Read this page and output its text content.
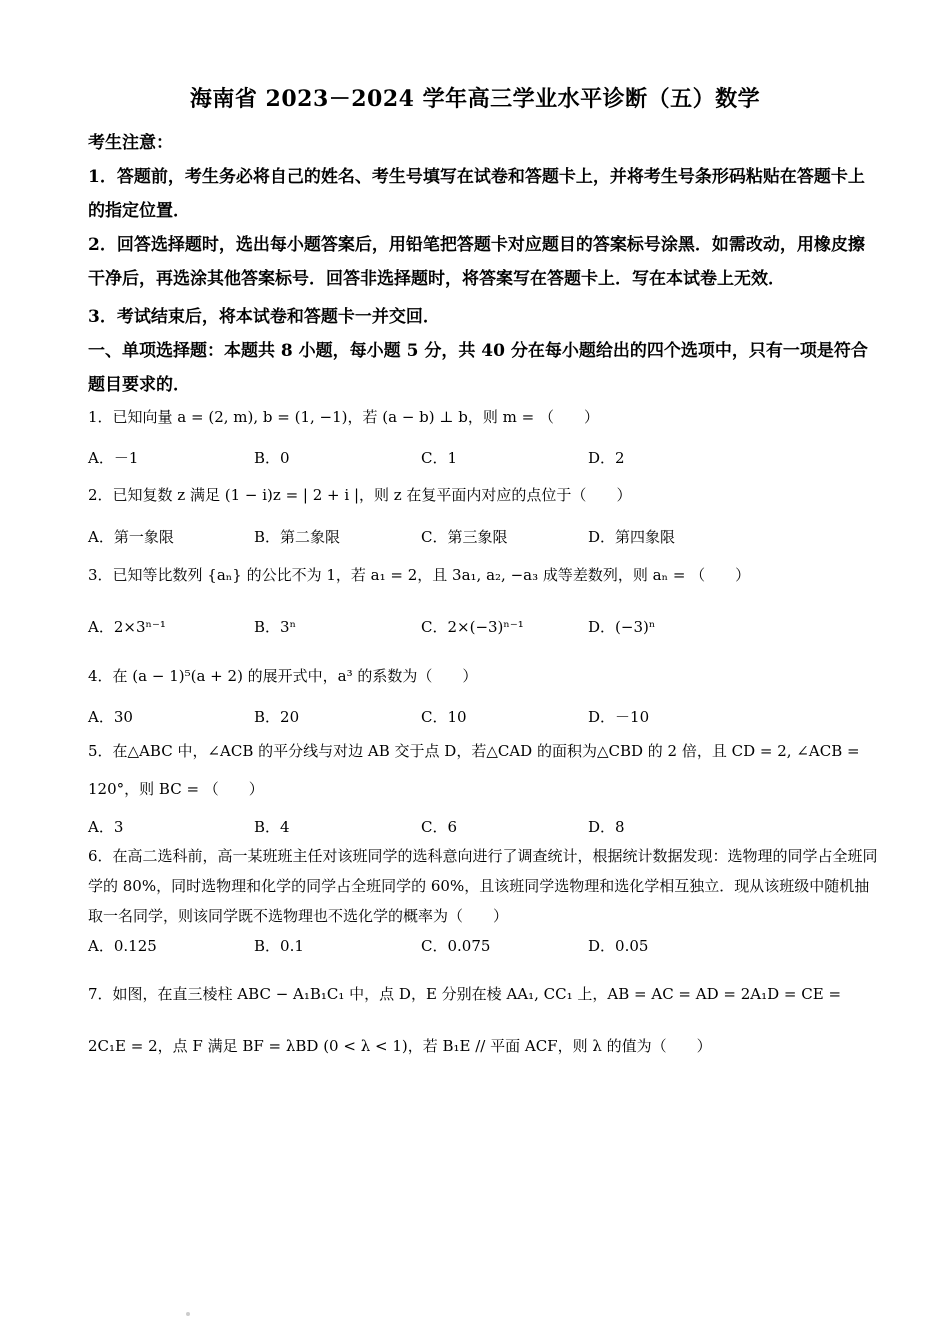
海南省 2023－2024 学年高三学业水平诊断（五）数学
考生注意：
1．答题前，考生务必将自己的姓名、考生号填写在试卷和答题卡上，并将考生号条形码粘贴在答题卡上的指定位置．
2．回答选择题时，选出每小题答案后，用铅笔把答题卡对应题目的答案标号涂黑．如需改动，用橡皮擦干净后，再选涂其他答案标号．回答非选择题时，将答案写在答题卡上．写在本试卷上无效．
3．考试结束后，将本试卷和答题卡一并交回．
一、单项选择题：本题共 8 小题，每小题 5 分，共 40 分在每小题给出的四个选项中，只有一项是符合题目要求的．
1．已知向量 a = (2, m), b = (1, −1)，若 (a − b) ⊥ b，则 m = （　　）
A．－1	B．0	C．1	D．2
2．已知复数 z 满足 (1 − i)z = | 2 + i |，则 z 在复平面内对应的点位于（　　）
A．第一象限	B．第二象限	C．第三象限	D．第四象限
3．已知等比数列 {aₙ} 的公比不为 1，若 a₁ = 2，且 3a₁, a₂, −a₃ 成等差数列，则 aₙ = （　　）
A．2×3ⁿ⁻¹	B．3ⁿ	C．2×(−3)ⁿ⁻¹	D．(−3)ⁿ
4．在 (a − 1)⁵(a + 2) 的展开式中，a³ 的系数为（　　）
A．30	B．20	C．10	D．－10
5．在△ABC 中，∠ACB 的平分线与对边 AB 交于点 D，若△CAD 的面积为△CBD 的 2 倍，且 CD = 2, ∠ACB = 120°，则 BC = （　　）
A．3	B．4	C．6	D．8
6．在高二选科前，高一某班班主任对该班同学的选科意向进行了调查统计，根据统计数据发现：选物理的同学占全班同学的 80%，同时选物理和化学的同学占全班同学的 60%，且该班同学选物理和选化学相互独立．现从该班级中随机抽取一名同学，则该同学既不选物理也不选化学的概率为（　　）
A．0.125	B．0.1	C．0.075	D．0.05
7．如图，在直三棱柱 ABC − A₁B₁C₁ 中，点 D，E 分别在棱 AA₁, CC₁ 上，AB = AC = AD = 2A₁D = CE = 2C₁E = 2，点 F 满足 BF = λBD (0 < λ < 1)，若 B₁E // 平面 ACF，则 λ 的值为（　　）
